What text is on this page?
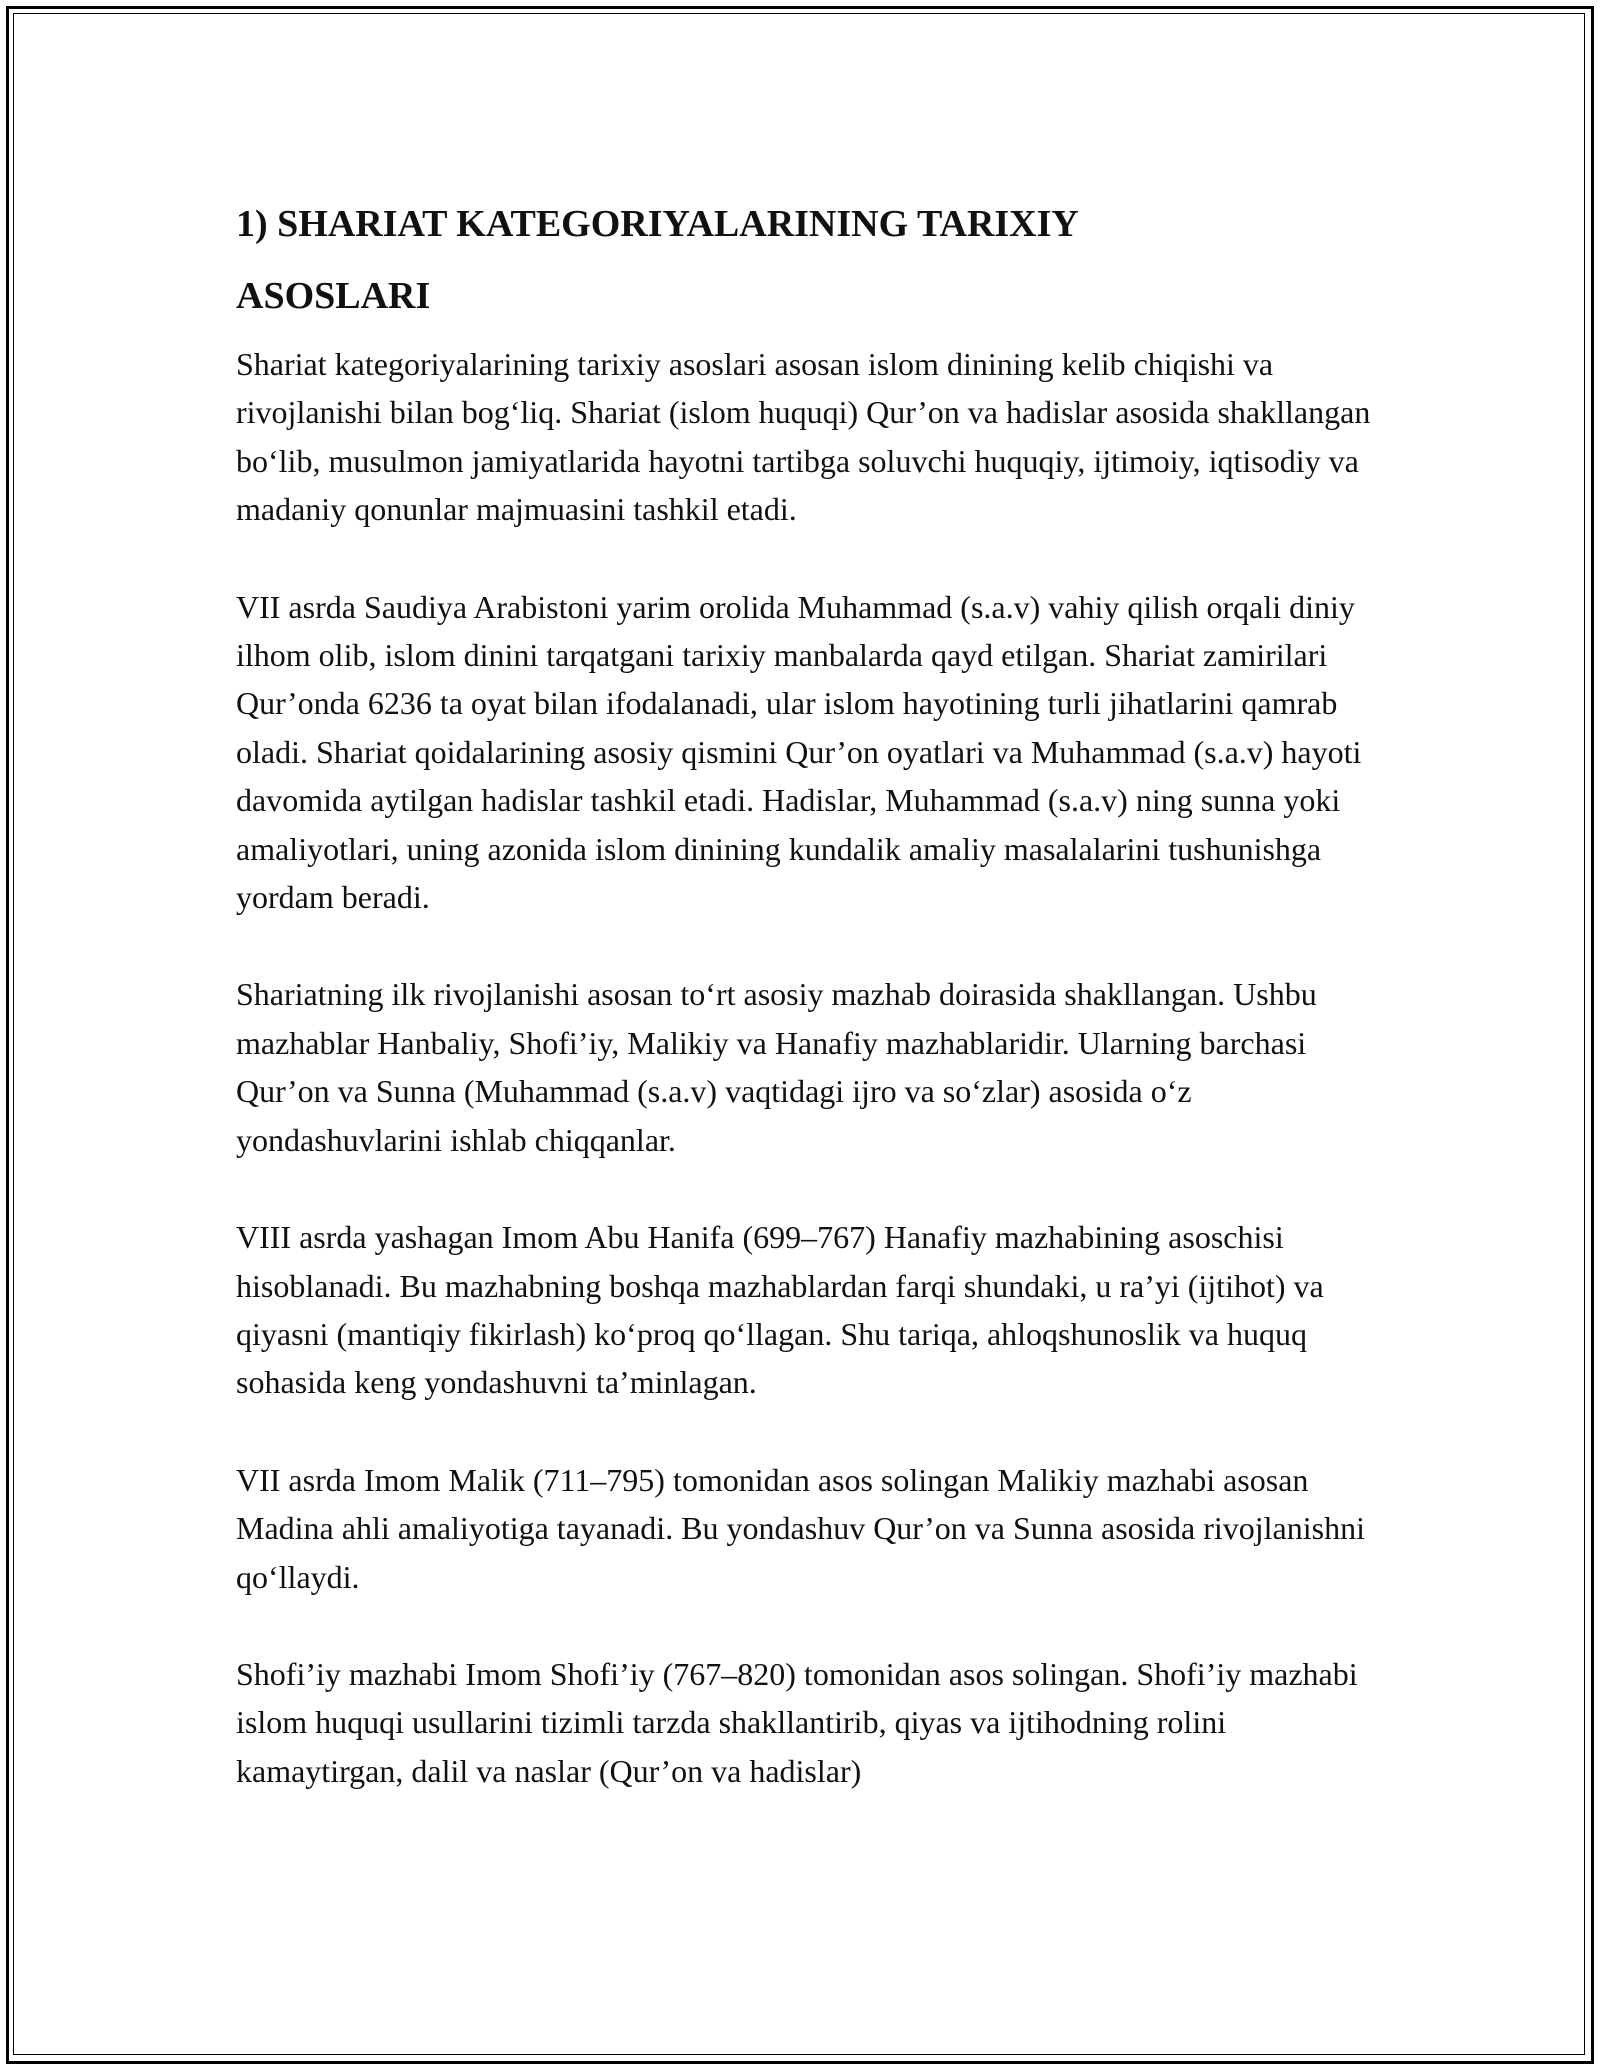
1) SHARIAT KATEGORIYALARINING TARIXIY ASOSLARI

Shariat kategoriyalarining tarixiy asoslari asosan islom dinining kelib chiqishi va rivojlanishi bilan bog‘liq. Shariat (islom huquqi) Qur’on va hadislar asosida shakllangan bo‘lib, musulmon jamiyatlarida hayotni tartibga soluvchi huquqiy, ijtimoiy, iqtisodiy va madaniy qonunlar majmuasini tashkil etadi.

VII asrda Saudiya Arabistoni yarim orolida Muhammad (s.a.v) vahiy qilish orqali diniy ilhom olib, islom dinini tarqatgani tarixiy manbalarda qayd etilgan. Shariat zamirilari Qur’onda 6236 ta oyat bilan ifodalanadi, ular islom hayotining turli jihatlarini qamrab oladi. Shariat qoidalarining asosiy qismini Qur’on oyatlari va Muhammad (s.a.v) hayoti davomida aytilgan hadislar tashkil etadi. Hadislar, Muhammad (s.a.v) ning sunna yoki amaliyotlari, uning azonida islom dinining kundalik amaliy masalalarini tushunishga yordam beradi.

Shariatning ilk rivojlanishi asosan to‘rt asosiy mazhab doirasida shakllangan. Ushbu mazhablar Hanbaliy, Shofi’iy, Malikiy va Hanafiy mazhablaridir. Ularning barchasi Qur’on va Sunna (Muhammad (s.a.v) vaqtidagi ijro va so‘zlar) asosida o‘z yondashuvlarini ishlab chiqqanlar.

VIII asrda yashagan Imom Abu Hanifa (699–767) Hanafiy mazhabining asoschisi hisoblanadi. Bu mazhabning boshqa mazhablardan farqi shundaki, u ra’yi (ijtihot) va qiyasni (mantiqiy fikirlash) ko‘proq qo‘llagan. Shu tariqa, ahloqshunoslik va huquq sohasida keng yondashuvni ta’minlagan.

VII asrda Imom Malik (711–795) tomonidan asos solingan Malikiy mazhabi asosan Madina ahli amaliyotiga tayanadi. Bu yondashuv Qur’on va Sunna asosida rivojlanishni qo‘llaydi.

Shofi’iy mazhabi Imom Shofi’iy (767–820) tomonidan asos solingan. Shofi’iy mazhabi islom huquqi usullarini tizimli tarzda shakllantirib, qiyas va ijtihodning rolini kamaytirgan, dalil va naslar (Qur’on va hadislar)
